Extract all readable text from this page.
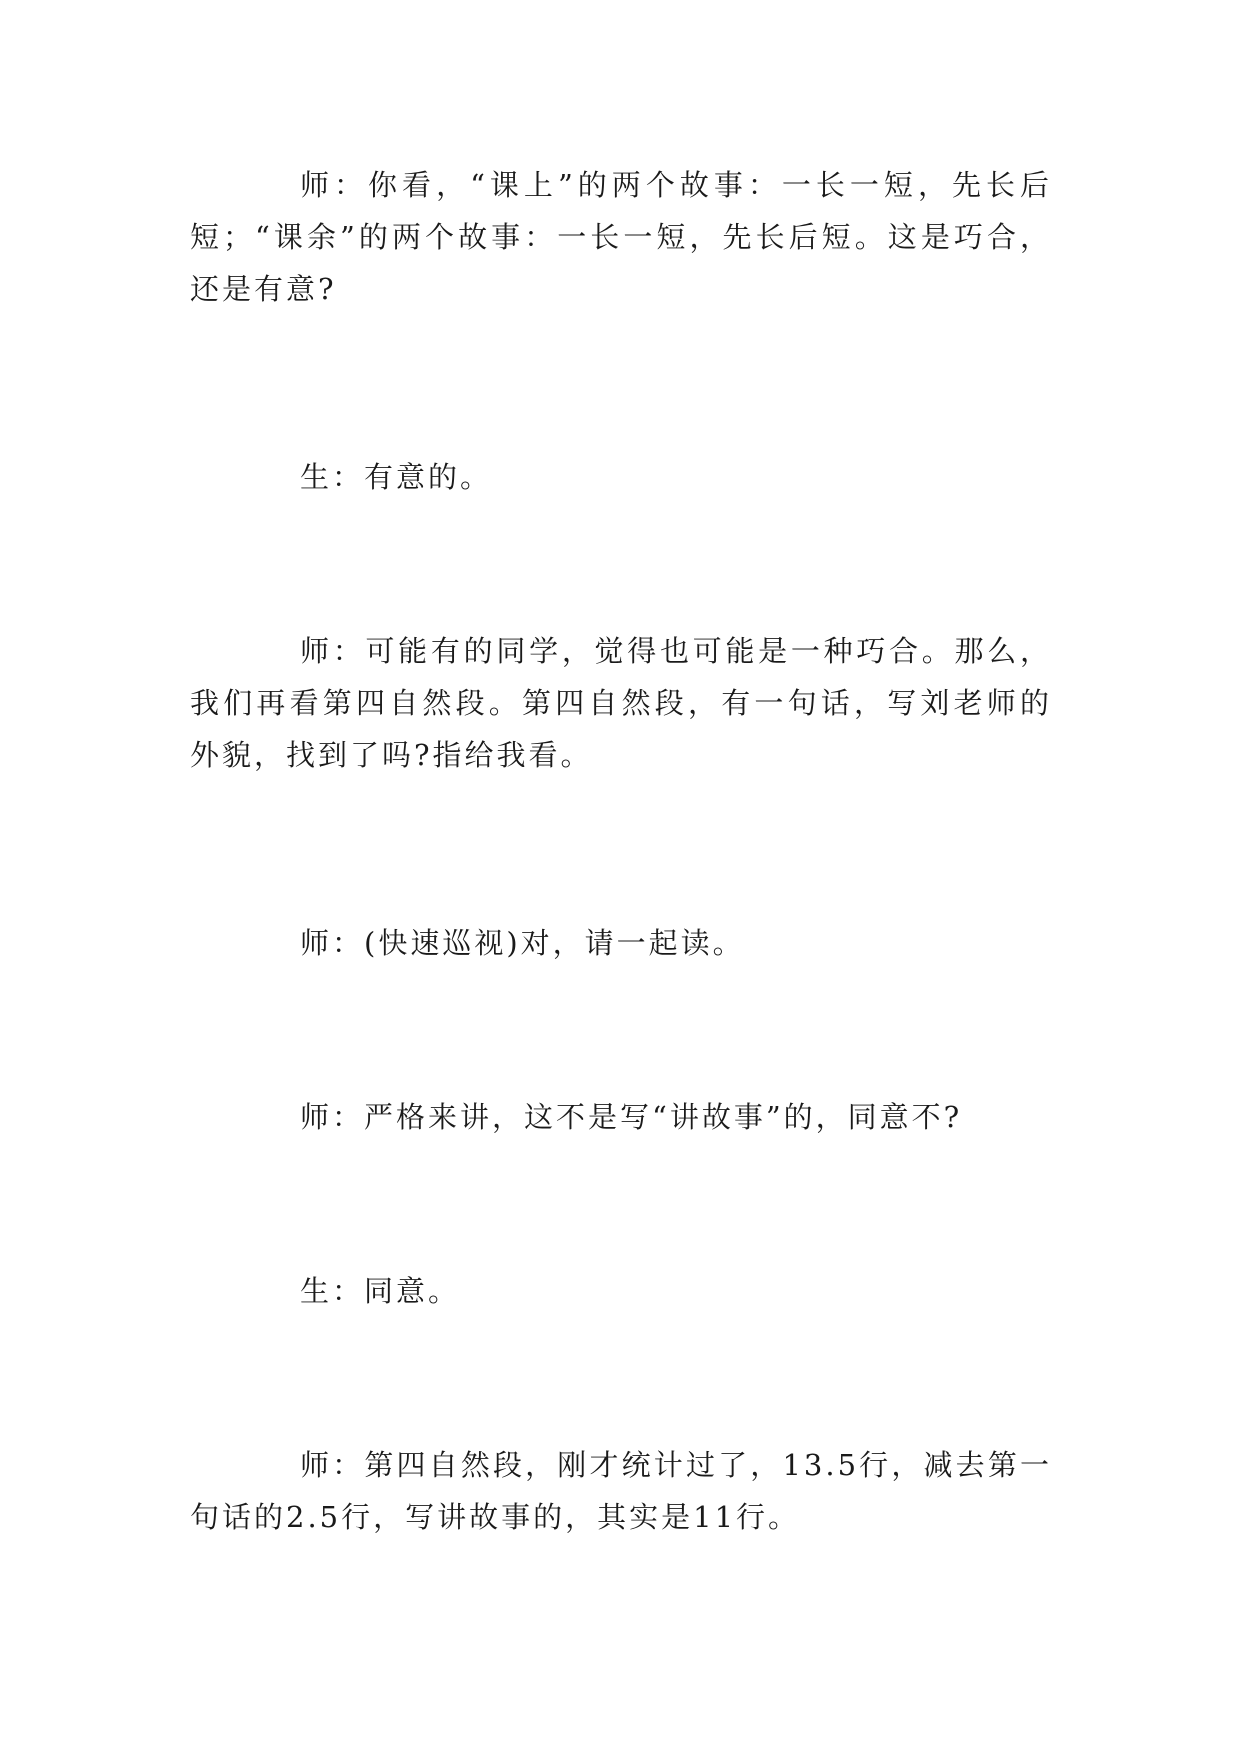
师：你看，“课上”的两个故事：一长一短，先长后短；“课余”的两个故事：一长一短，先长后短。这是巧合，还是有意?

生：有意的。

师：可能有的同学，觉得也可能是一种巧合。那么，我们再看第四自然段。第四自然段，有一句话，写刘老师的外貌，找到了吗?指给我看。

师：(快速巡视)对，请一起读。

师：严格来讲，这不是写“讲故事”的，同意不?

生：同意。

师：第四自然段，刚才统计过了，13.5行，减去第一句话的2.5行，写讲故事的，其实是11行。
